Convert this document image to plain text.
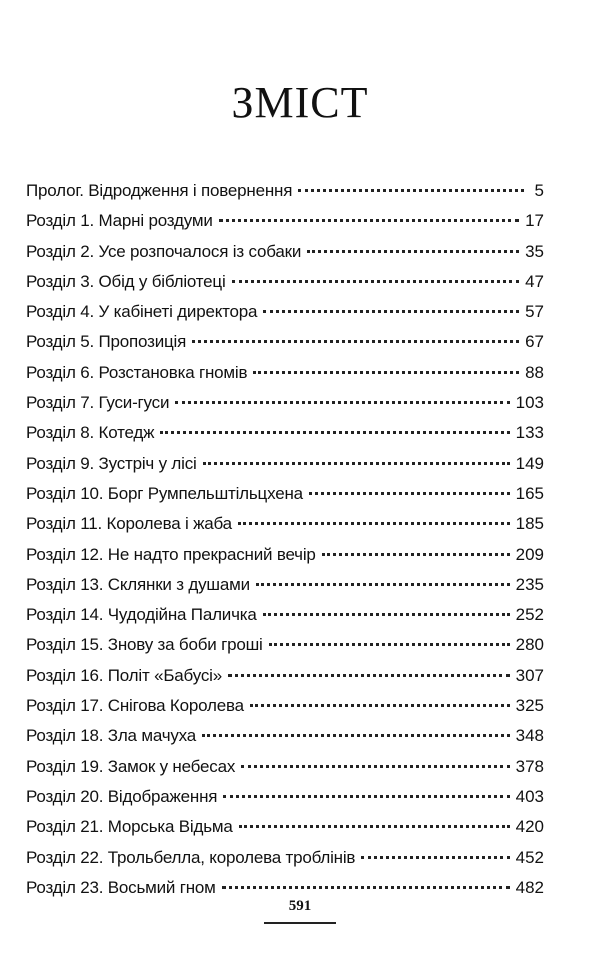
ЗМІСТ
Пролог. Відродження і повернення	5
Розділ 1. Марні роздуми	17
Розділ 2. Усе розпочалося із собаки	35
Розділ 3. Обід у бібліотеці	47
Розділ 4. У кабінеті директора	57
Розділ 5. Пропозиція	67
Розділ 6. Розстановка гномів	88
Розділ 7. Гуси-гуси	103
Розділ 8. Котедж	133
Розділ 9. Зустріч у лісі	149
Розділ 10. Борг Румпельштільцхена	165
Розділ 11. Королева і жаба	185
Розділ 12. Не надто прекрасний вечір	209
Розділ 13. Склянки з душами	235
Розділ 14. Чудодійна Паличка	252
Розділ 15. Знову за боби гроші	280
Розділ 16. Політ «Бабусі»	307
Розділ 17. Снігова Королева	325
Розділ 18. Зла мачуха	348
Розділ 19. Замок у небесах	378
Розділ 20. Відображення	403
Розділ 21. Морська Відьма	420
Розділ 22. Трольбелла, королева троблінів	452
Розділ 23. Восьмий гном	482
591
